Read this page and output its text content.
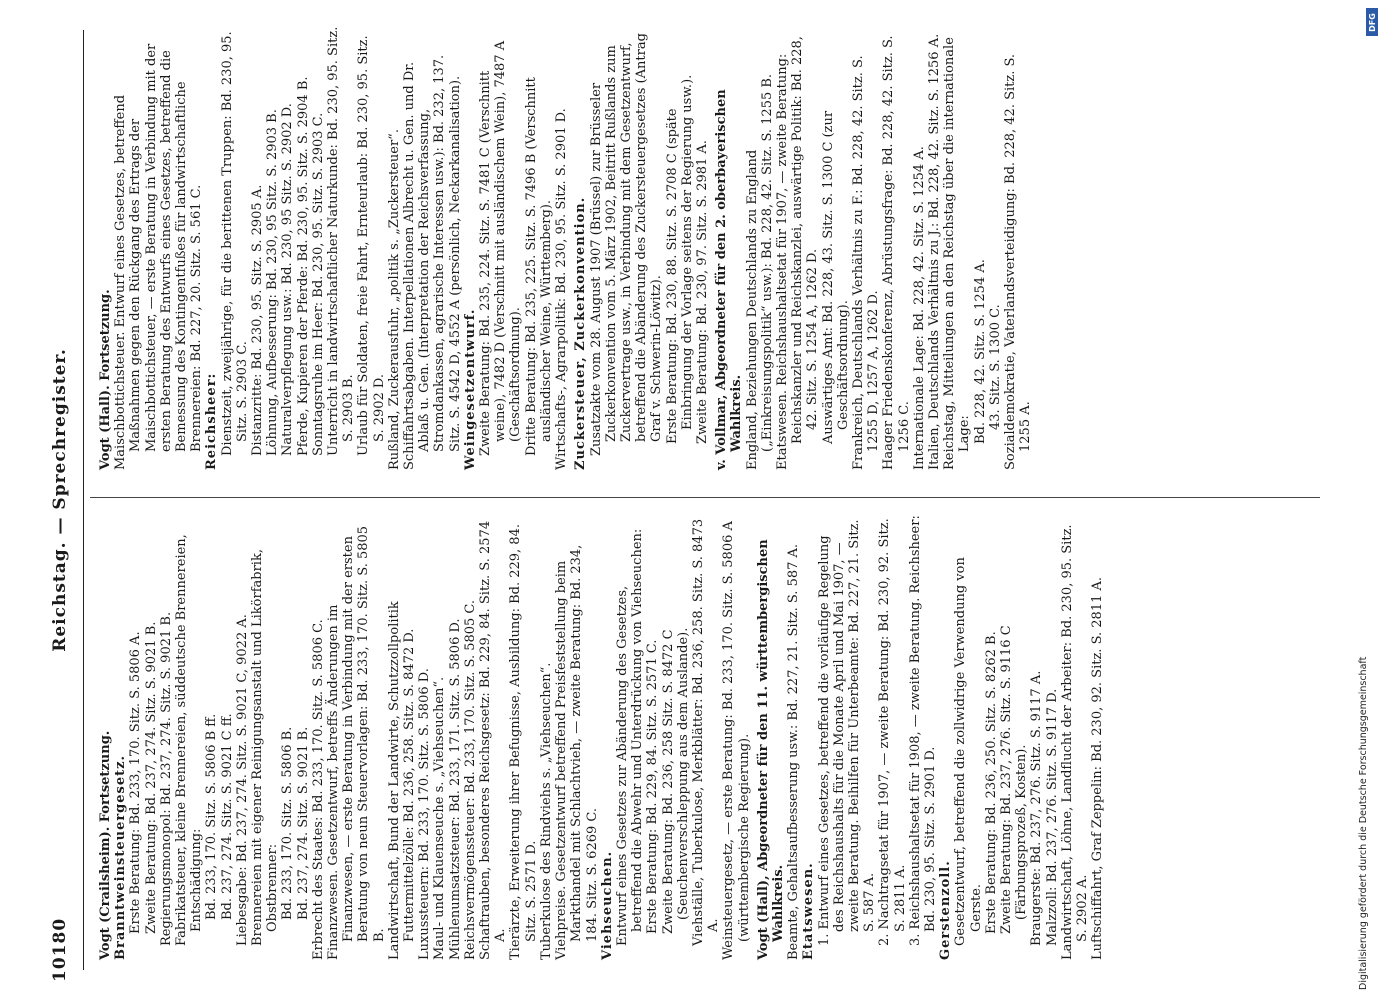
10180
Reichstag. — Sprechregister.
Vogt (Crailsheim). Fortsetzung. Branntweinsteuergesetz. Erste Beratung: Bd. 233, 170. Sitz. S. 5806 A. Zweite Beratung: Bd. 237, 274. Sitz. S. 9021 B. Regierungsmonopol: Bd. 237, 274. Sitz. S. 9021 B. Fabrikatsteuer, kleine Brennereien, süddeutsche Brennereien, Entschädigung: Bd. 233, 170. Sitz. S. 5806 B ff. Bd. 237, 274. Sitz. S. 9021 C ff. Liebesgabe: Bd. 237, 274. Sitz. S. 9021 C, 9022 A. Brennereien mit eigener Reinigungsanstalt und Likörfabrik, Obstbrenner: Bd. 233, 170. Sitz. S. 5806 B. Bd. 237, 274. Sitz. S. 9021 B. Erbrecht des Staates: Bd. 233, 170. Sitz. S. 5806 C. Finanzwesen. Gesetzentwurf, betreffs Änderungen im Finanzwesen, — erste Beratung in Verbindung mit der ersten Beratung von neun Steuervorlagen: Bd. 233, 170. Sitz. S. 5805 B. Landwirtschaft, Bund der Landwirte, Schutzzollpolitik Futtermittelzölle: Bd. 236, 258. Sitz. S. 8472 D. Luxussteuern: Bd. 233, 170. Sitz. S. 5806 D. Maul- und Klauenseuche s. „Viehseuchen“. Mühlenumsatzsteuer: Bd. 233, 171. Sitz. S. 5806 D. Reichsvermögenssteuer: Bd. 233, 170. Sitz. S. 5805 C. Schaftrauben, besonderes Reichsgesetz: Bd. 229, 84. Sitz. S. 2574 A. Tierärzte, Erweiterung ihrer Befugnisse, Ausbildung: Bd. 229, 84. Sitz. S. 2571 D. Tuberkulose des Rindviehs s. „Viehseuchen“. Viehpreise. Gesetzentwurf betreffend Preisfeststellung beim Markthandel mit Schlachtvieh, — zweite Beratung: Bd. 234, 184. Sitz. S. 6269 C. Viehseuchen. Entwurf eines Gesetzes zur Abänderung des Gesetzes, betreffend die Abwehr und Unterdrückung von Viehseuchen: Erste Beratung: Bd. 229, 84. Sitz. S. 2571 C. Zweite Beratung: Bd. 236, 258 Sitz. S. 8472 C (Seuchenverschleppung aus dem Auslande). Viehställe, Tuberkulose, Merkblätter: Bd. 236, 258. Sitz. S. 8473 A. Weinsteuergesetz, — erste Beratung: Bd. 233, 170. Sitz. S. 5806 A (württembergische Regierung). Vogt (Hall), Abgeordneter für den 11. württembergischen Wahlkreis. Beamte, Gehaltsaufbesserung usw.: Bd. 227, 21. Sitz. S. 587 A. Etatswesen. 1. Entwurf eines Gesetzes, betreffend die vorläufige Regelung des Reichshaushalts für die Monate April und Mai 1907, — zweite Beratung. Beihilfen für Unterbeamte: Bd. 227, 21. Sitz. S. 587 A. 2. Nachtragsetat für 1907, — zweite Beratung: Bd. 230, 92. Sitz. S. 2811 A. 3. Reichshaushaltsetat für 1908, — zweite Beratung. Reichsheer: Bd. 230, 95. Sitz. S. 2901 D. Gerstenzoll. Gesetzentwurf, betreffend die zollwidrige Verwendung von Gerste. Erste Beratung: Bd. 236, 250. Sitz. S. 8262 B. Zweite Beratung: Bd. 237, 276. Sitz. S. 9116 C (Färbungsprozeß, Kosten). Braugerste: Bd. 237, 276. Sitz. S. 9117 A. Malzzoll: Bd. 237, 276. Sitz. S. 9117 D. Landwirtschaft, Löhne, Landflucht der Arbeiter: Bd. 230, 95. Sitz. S. 2902 A. Luftschiffahrt, Graf Zeppelin: Bd. 230, 92. Sitz. S. 2811 A.
Vogt (Hall). Fortsetzung. Maischbottichsteuer. Entwurf eines Gesetzes, betreffend Maßnahmen gegen den Rückgang des Ertrags der Maischbottichsteuer, — erste Beratung in Verbindung mit der ersten Beratung des Entwurfs eines Gesetzes, betreffend die Bemessung des Kontingentfußes für landwirtschaftliche Brennereien: Bd. 227, 20. Sitz. S. 561 C. Reichsheer: Dienstzeit, zweijährige, für die berittenen Truppen: Bd. 230, 95. Sitz. S. 2903 C. Distanzritte: Bd. 230, 95. Sitz. S. 2905 A. Löhnung, Aufbesserung: Bd. 230, 95 Sitz. S. 2903 B. Naturalverpflegung usw.: Bd. 230, 95 Sitz. S. 2902 D. Pferde, Kupieren der Pferde: Bd. 230, 95. Sitz. S. 2904 B. Sonntagsruhe im Heer: Bd. 230, 95. Sitz. S. 2903 C. Unterricht in landwirtschaftlicher Naturkunde: Bd. 230, 95. Sitz. S. 2903 B. Urlaub für Soldaten, freie Fahrt, Ernteurlaub: Bd. 230, 95. Sitz. S. 2902 D. Rußland, Zuckerausfuhr, „politik s. „Zuckersteuer“. Schiffahrtsabgaben. Interpellationen Albrecht u. Gen. und Dr. Ablaß u. Gen. (Interpretation der Reichsverfassung, Stromdankassen, agrarische Interessen usw.): Bd. 232, 137. Sitz. S. 4542 D, 4552 A (persönlich, Neckarkanalisation). Weingesetzentwurf. Zweite Beratung: Bd. 235, 224. Sitz. S. 7481 C (Verschnitt weine), 7482 D (Verschnitt mit ausländischem Wein), 7487 A (Geschäftsordnung). Dritte Beratung: Bd. 235, 225. Sitz. S. 7496 B (Verschnitt ausländischer Weine, Württemberg). Wirtschafts-, Agrarpolitik: Bd. 230, 95. Sitz. S. 2901 D. Zuckersteuer, Zuckerkonvention. Zusatzakte vom 28. August 1907 (Brüssel) zur Brüsseler Zuckerkonvention vom 5. März 1902, Beitritt Rußlands zum Zuckervertrage usw., in Verbindung mit dem Gesetzentwurf, betreffend die Abänderung des Zuckersteuergesetzes (Antrag Graf v. Schwerin-Löwitz). Erste Beratung: Bd. 230, 88. Sitz. S. 2708 C (späte Einbringung der Vorlage seitens der Regierung usw.). Zweite Beratung: Bd. 230, 97. Sitz. S. 2981 A. v. Vollmar, Abgeordneter für den 2. oberbayerischen Wahlkreis. England, Beziehungen Deutschlands zu England („Einkreisungspolitik“ usw.): Bd. 228, 42. Sitz. S. 1255 B. Etatswesen. Reichshaushaltsetat für 1907, — zweite Beratung: Reichskanzler und Reichskanzlei, auswärtige Politik: Bd. 228, 42. Sitz. S. 1254 A, 1262 D. Auswärtiges Amt: Bd. 228, 43. Sitz. S. 1300 C (zur Geschäftsordnung). Frankreich, Deutschlands Verhältnis zu F.: Bd. 228, 42. Sitz. S. 1255 D, 1257 A, 1262 D. Haager Friedenskonferenz, Abrüstungsfrage: Bd. 228, 42. Sitz. S. 1256 C. Internationale Lage: Bd. 228, 42. Sitz. S. 1254 A. Italien, Deutschlands Verhältnis zu J.: Bd. 228, 42. Sitz. S. 1256 A. Reichstag, Mitteilungen an den Reichstag über die internationale Lage: Bd. 228, 42. Sitz. S. 1254 A. 43. Sitz. S. 1300 C. Sozialdemokratie, Vaterlandsverteidigung: Bd. 228, 42. Sitz. S. 1255 A.
Digitalisierung gefördert durch die Deutsche Forschungsgemeinschaft
DFG
